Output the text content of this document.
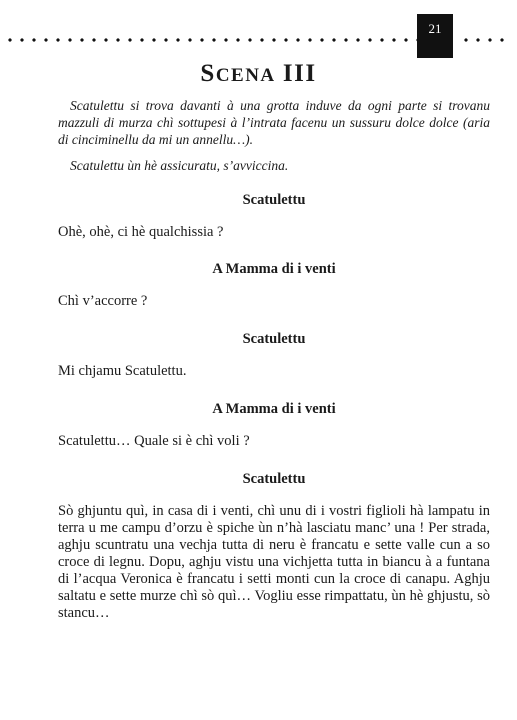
21
SCENA III

Scatulettu si trova davanti à una grotta induve da ogni parte si trovanu mazzuli di murza chì sottupesi à l’intrata facenu un sussuru dolce dolce (aria di cinciminellu da mi un annellu…).

Scatulettu ùn hè assicuratu, s’avviccina.

Scatulettu

Ohè, ohè, ci hè qualchissia ?

A Mamma di i venti

Chì v’accorre ?

Scatulettu

Mi chjamu Scatulettu.

A Mamma di i venti

Scatulettu… Quale si è chì voli ?

Scatulettu

Sò ghjuntu quì, in casa di i venti, chì unu di i vostri figlioli hà lampatu in terra u me campu d’orzu è spiche ùn n’hà lasciatu manc’ una ! Per strada, aghju scuntratu una vechja tutta di neru è francatu e sette valle cun a so croce di legnu. Dopu, aghju vistu una vichjetta tutta in biancu à a funtana di l’acqua Veronica è francatu i setti monti cun la croce di canapu. Aghju saltatu e sette murze chì sò quì… Vogliu esse rimpattatu, ùn hè ghjustu, sò stancu…
